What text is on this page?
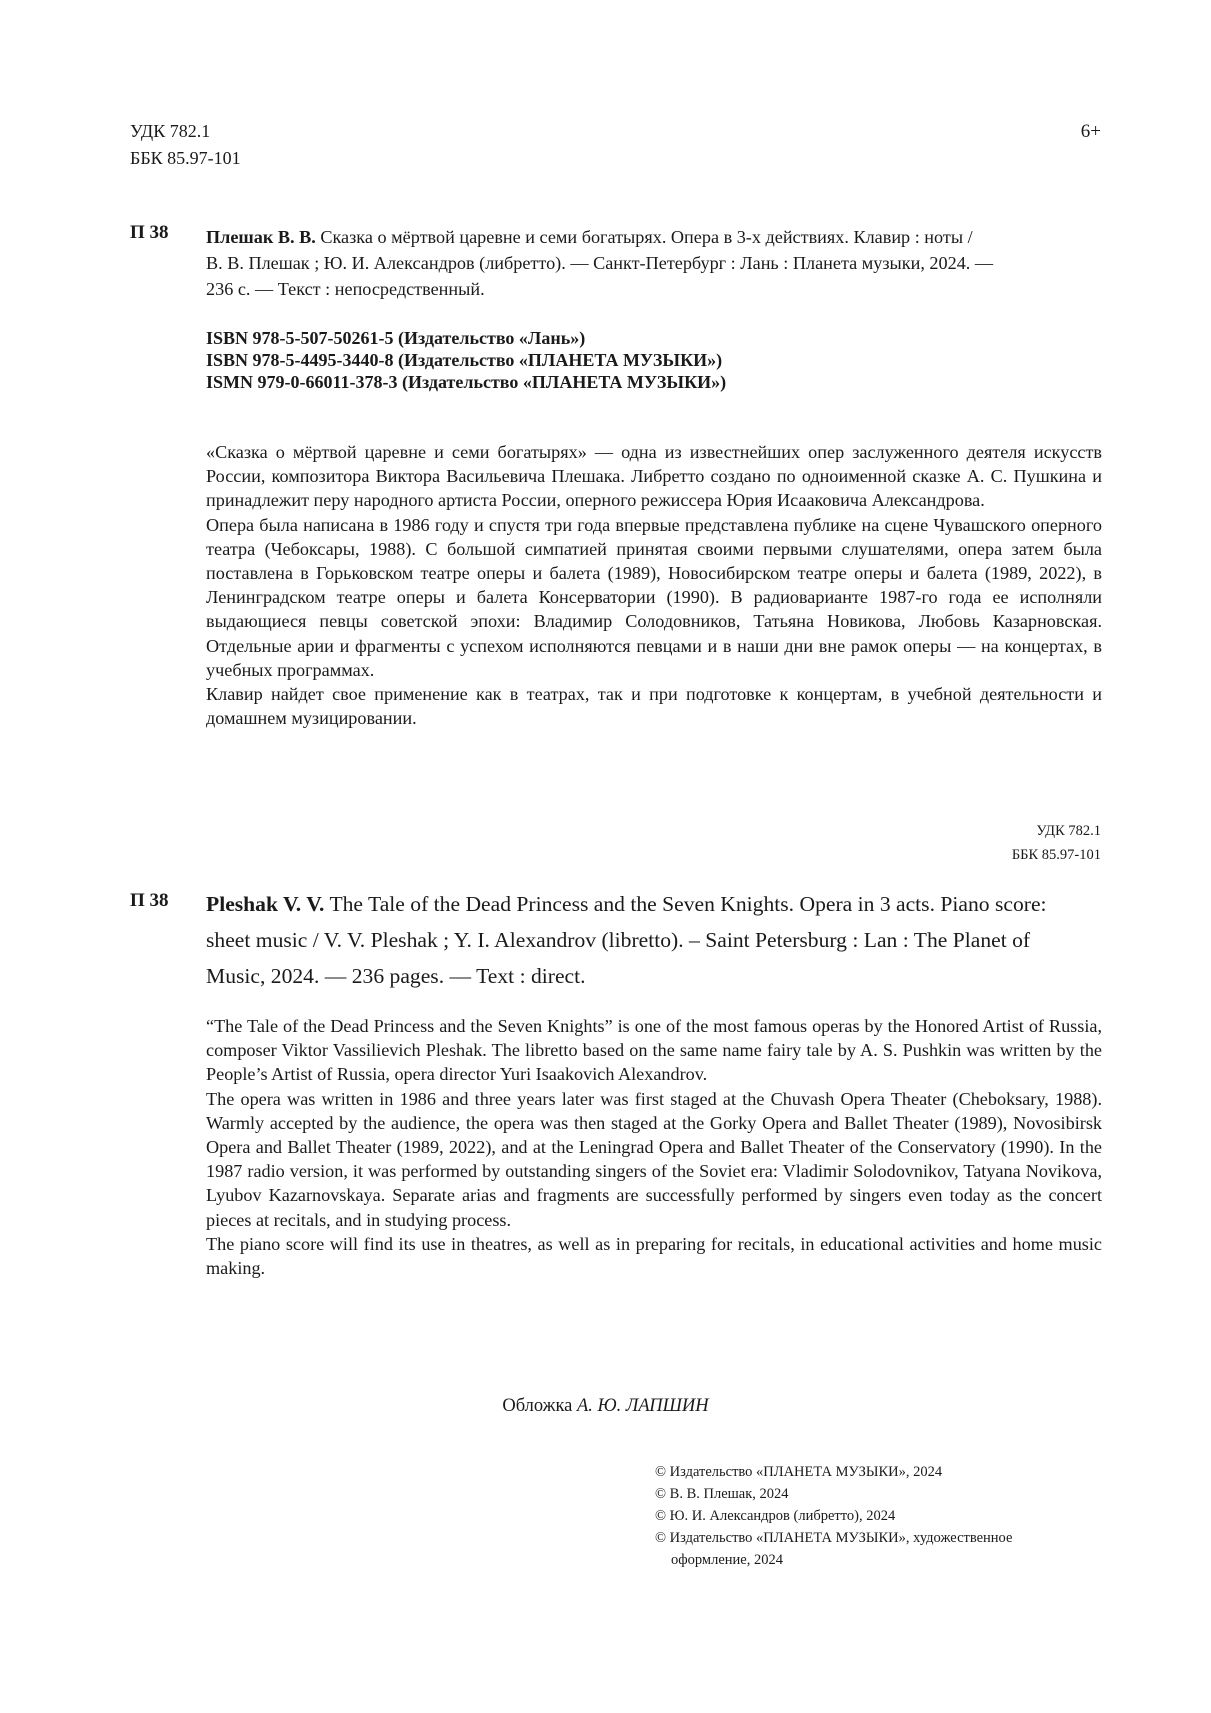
УДК 782.1
ББК 85.97-101
6+
П 38 Плешак В. В. Сказка о мёртвой царевне и семи богатырях. Опера в 3-х действиях. Клавир : ноты /
В. В. Плешак ; Ю. И. Александров (либретто). — Санкт-Петербург : Лань : Планета музыки, 2024. —
236 с. — Текст : непосредственный.
ISBN 978-5-507-50261-5 (Издательство «Лань»)
ISBN 978-5-4495-3440-8 (Издательство «ПЛАНЕТА МУЗЫКИ»)
ISMN 979-0-66011-378-3 (Издательство «ПЛАНЕТА МУЗЫКИ»)

«Сказка о мёртвой царевне и семи богатырях» — одна из известнейших опер заслуженного деятеля искусств России, композитора Виктора Васильевича Плешака. Либретто создано по одноименной сказке А. С. Пушкина и принадлежит перу народного артиста России, оперного режиссера Юрия Исааковича Александрова.

Опера была написана в 1986 году и спустя три года впервые представлена публике на сцене Чувашского оперного театра (Чебоксары, 1988). С большой симпатией принятая своими первыми слушателями, опера затем была поставлена в Горьковском театре оперы и балета (1989), Новосибирском театре оперы и балета (1989, 2022), в Ленинградском театре оперы и балета Консерватории (1990). В радиоварианте 1987-го года ее исполняли выдающиеся певцы советской эпохи: Владимир Солодовников, Татьяна Новикова, Любовь Казарновская. Отдельные арии и фрагменты с успехом исполняются певцами и в наши дни вне рамок оперы — на концертах, в учебных программах.

Клавир найдет свое применение как в театрах, так и при подготовке к концертам, в учебной деятельности и домашнем музицировании.

УДК 782.1
ББК 85.97-101
П 38 Pleshak V. V. The Tale of the Dead Princess and the Seven Knights. Opera in 3 acts. Piano score:
sheet music / V. V. Pleshak ; Y. I. Alexandrov (libretto). – Saint Petersburg : Lan : The Planet of
Music, 2024. — 236 pages. — Text : direct.

“The Tale of the Dead Princess and the Seven Knights” is one of the most famous operas by the Honored Artist of Russia, composer Viktor Vassilievich Pleshak. The libretto based on the same name fairy tale by A. S. Pushkin was written by the People’s Artist of Russia, opera director Yuri Isaakovich Alexandrov.

The opera was written in 1986 and three years later was first staged at the Chuvash Opera Theater (Cheboksary, 1988). Warmly accepted by the audience, the opera was then staged at the Gorky Opera and Ballet Theater (1989), Novosibirsk Opera and Ballet Theater (1989, 2022), and at the Leningrad Opera and Ballet Theater of the Conservatory (1990). In the 1987 radio version, it was performed by outstanding singers of the Soviet era: Vladimir Solodovnikov, Tatyana Novikova, Lyubov Kazarnovskaya. Separate arias and fragments are successfully performed by singers even today as the concert pieces at recitals, and in studying process.

The piano score will find its use in theatres, as well as in preparing for recitals, in educational activities and home music making.

Обложка А. Ю. ЛАПШИН
© Издательство «ПЛАНЕТА МУЗЫКИ», 2024
© В. В. Плешак, 2024
© Ю. И. Александров (либретто), 2024
© Издательство «ПЛАНЕТА МУЗЫКИ», художественное
оформление, 2024
